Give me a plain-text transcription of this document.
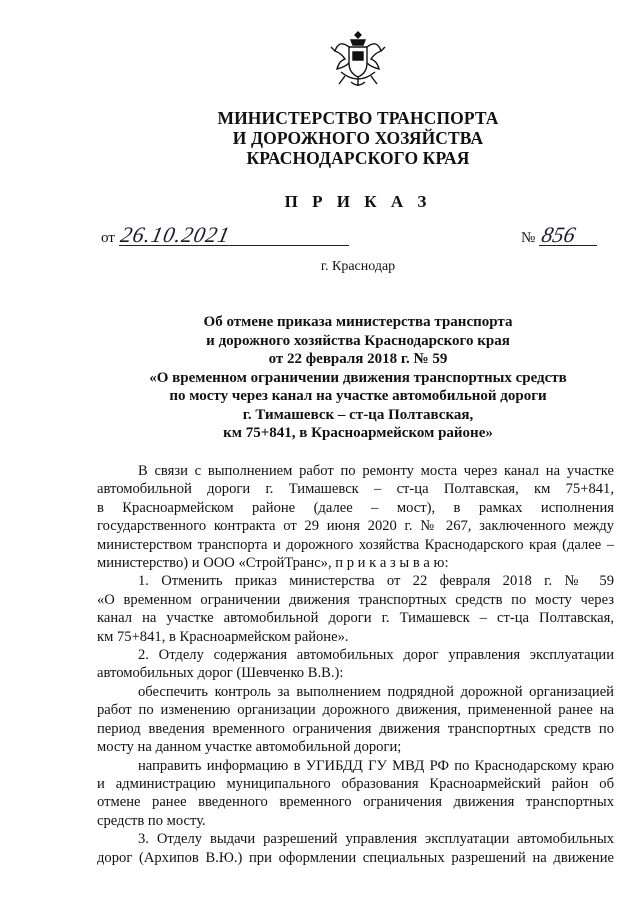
МИНИСТЕРСТВО ТРАНСПОРТА
И ДОРОЖНОГО ХОЗЯЙСТВА
КРАСНОДАРСКОГО КРАЯ
П Р И К А З
от 26.10.2021	№ 856
г. Краснодар
Об отмене приказа министерства транспорта
и дорожного хозяйства Краснодарского края
от 22 февраля 2018 г. № 59
«О временном ограничении движения транспортных средств
по мосту через канал на участке автомобильной дороги
г. Тимашевск – ст-ца Полтавская,
км 75+841, в Красноармейском районе»

В связи с выполнением работ по ремонту моста через канал на участке

автомобильной дороги г. Тимашевск – ст-ца Полтавская, км 75+841,

в Красноармейском районе (далее – мост), в рамках исполнения

государственного контракта от 29 июня 2020 г. № 267, заключенного между

министерством транспорта и дорожного хозяйства Краснодарского края (далее –

министерство) и ООО «СтройТранс», п р и к а з ы в а ю:

1. Отменить приказ министерства от 22 февраля 2018 г. № 59

«О временном ограничении движения транспортных средств по мосту через

канал на участке автомобильной дороги г. Тимашевск – ст-ца Полтавская,

км 75+841, в Красноармейском районе».

2. Отделу содержания автомобильных дорог управления эксплуатации

автомобильных дорог (Шевченко В.В.):

обеспечить контроль за выполнением подрядной дорожной организацией

работ по изменению организации дорожного движения, примененной ранее на

период введения временного ограничения движения транспортных средств по

мосту на данном участке автомобильной дороги;

направить информацию в УГИБДД ГУ МВД РФ по Краснодарскому краю

и администрацию муниципального образования Красноармейский район об

отмене ранее введенного временного ограничения движения транспортных

средств по мосту.

3. Отделу выдачи разрешений управления эксплуатации автомобильных

дорог (Архипов В.Ю.) при оформлении специальных разрешений на движение
